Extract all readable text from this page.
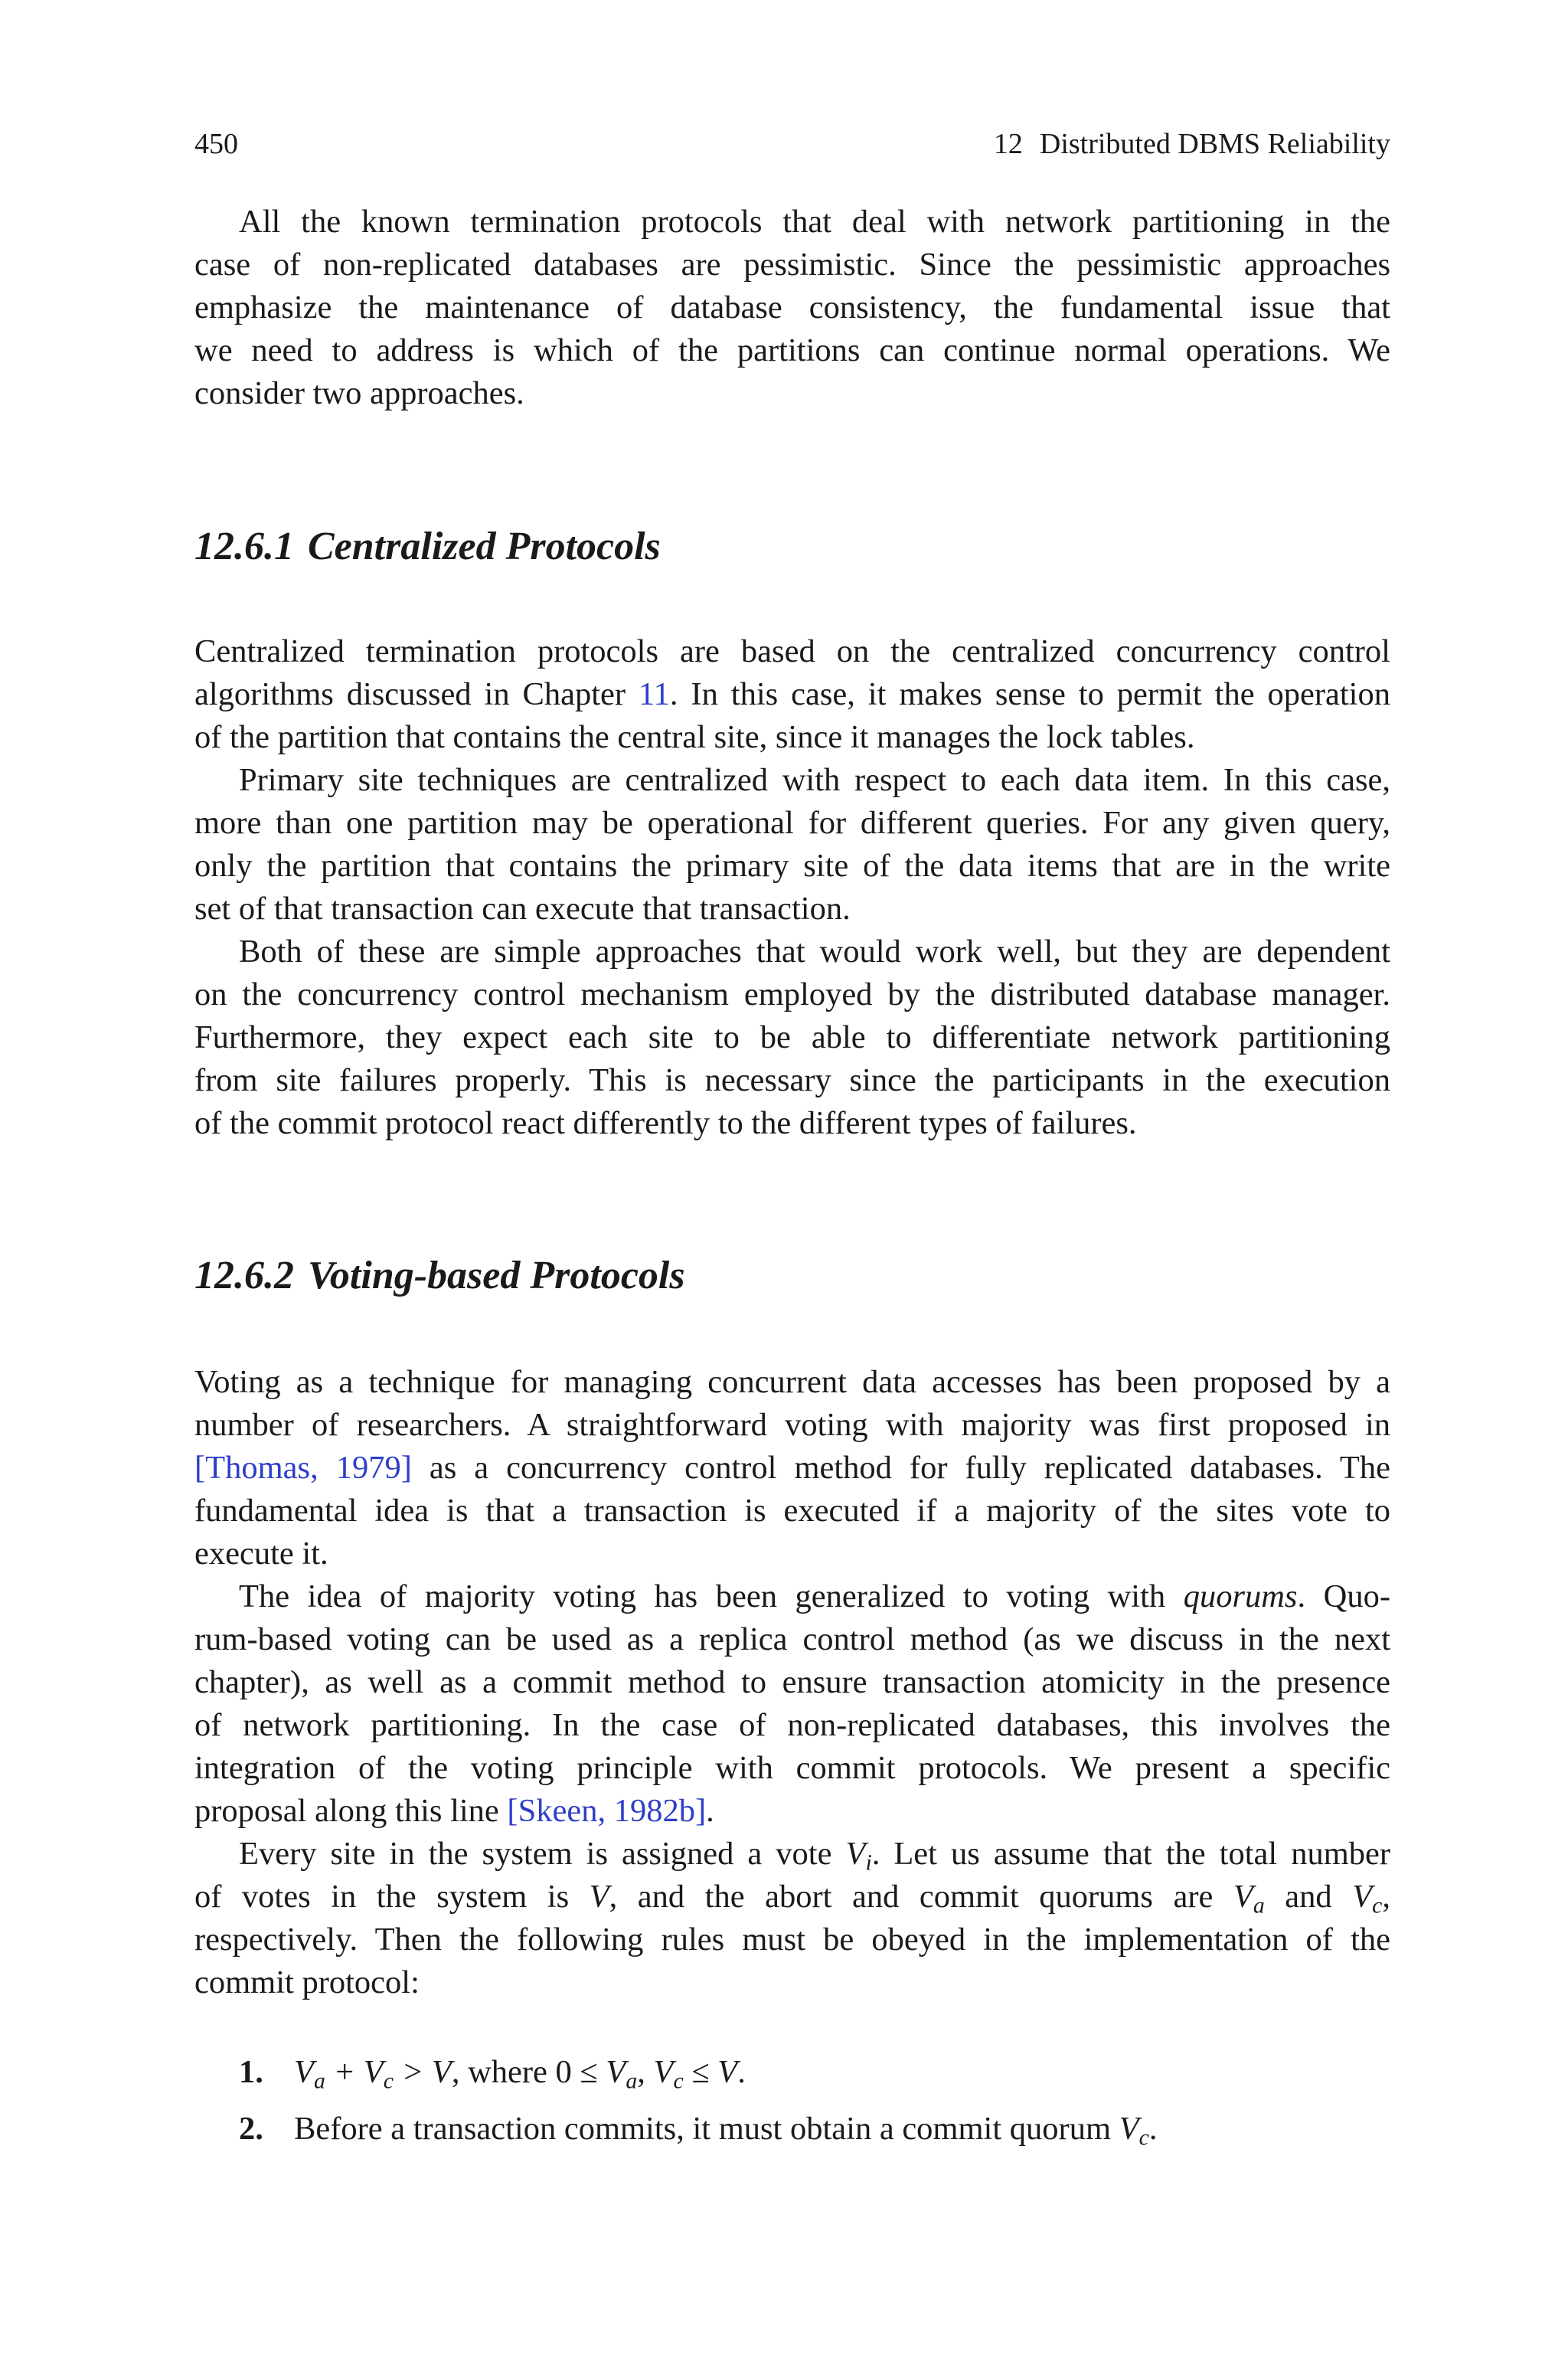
450	12 Distributed DBMS Reliability

All the known termination protocols that deal with network partitioning in the
case of non-replicated databases are pessimistic. Since the pessimistic approaches
emphasize the maintenance of database consistency, the fundamental issue that
we need to address is which of the partitions can continue normal operations. We
consider two approaches.

12.6.1 Centralized Protocols

Centralized termination protocols are based on the centralized concurrency control
algorithms discussed in Chapter 11. In this case, it makes sense to permit the operation
of the partition that contains the central site, since it manages the lock tables.

Primary site techniques are centralized with respect to each data item. In this case,
more than one partition may be operational for different queries. For any given query,
only the partition that contains the primary site of the data items that are in the write
set of that transaction can execute that transaction.

Both of these are simple approaches that would work well, but they are dependent
on the concurrency control mechanism employed by the distributed database manager.
Furthermore, they expect each site to be able to differentiate network partitioning
from site failures properly. This is necessary since the participants in the execution
of the commit protocol react differently to the different types of failures.

12.6.2 Voting-based Protocols

Voting as a technique for managing concurrent data accesses has been proposed by a
number of researchers. A straightforward voting with majority was first proposed in
[Thomas, 1979] as a concurrency control method for fully replicated databases. The
fundamental idea is that a transaction is executed if a majority of the sites vote to
execute it.

The idea of majority voting has been generalized to voting with quorums. Quo-
rum-based voting can be used as a replica control method (as we discuss in the next
chapter), as well as a commit method to ensure transaction atomicity in the presence
of network partitioning. In the case of non-replicated databases, this involves the
integration of the voting principle with commit protocols. We present a specific
proposal along this line [Skeen, 1982b].

Every site in the system is assigned a vote $V_i$. Let us assume that the total number
of votes in the system is V, and the abort and commit quorums are $V_a$ and $V_c$,
respectively. Then the following rules must be obeyed in the implementation of the
commit protocol:

1. $V_a + V_c > V$, where $0 \le V_a$, $V_c \le V$.
2. Before a transaction commits, it must obtain a commit quorum $V_c$.
